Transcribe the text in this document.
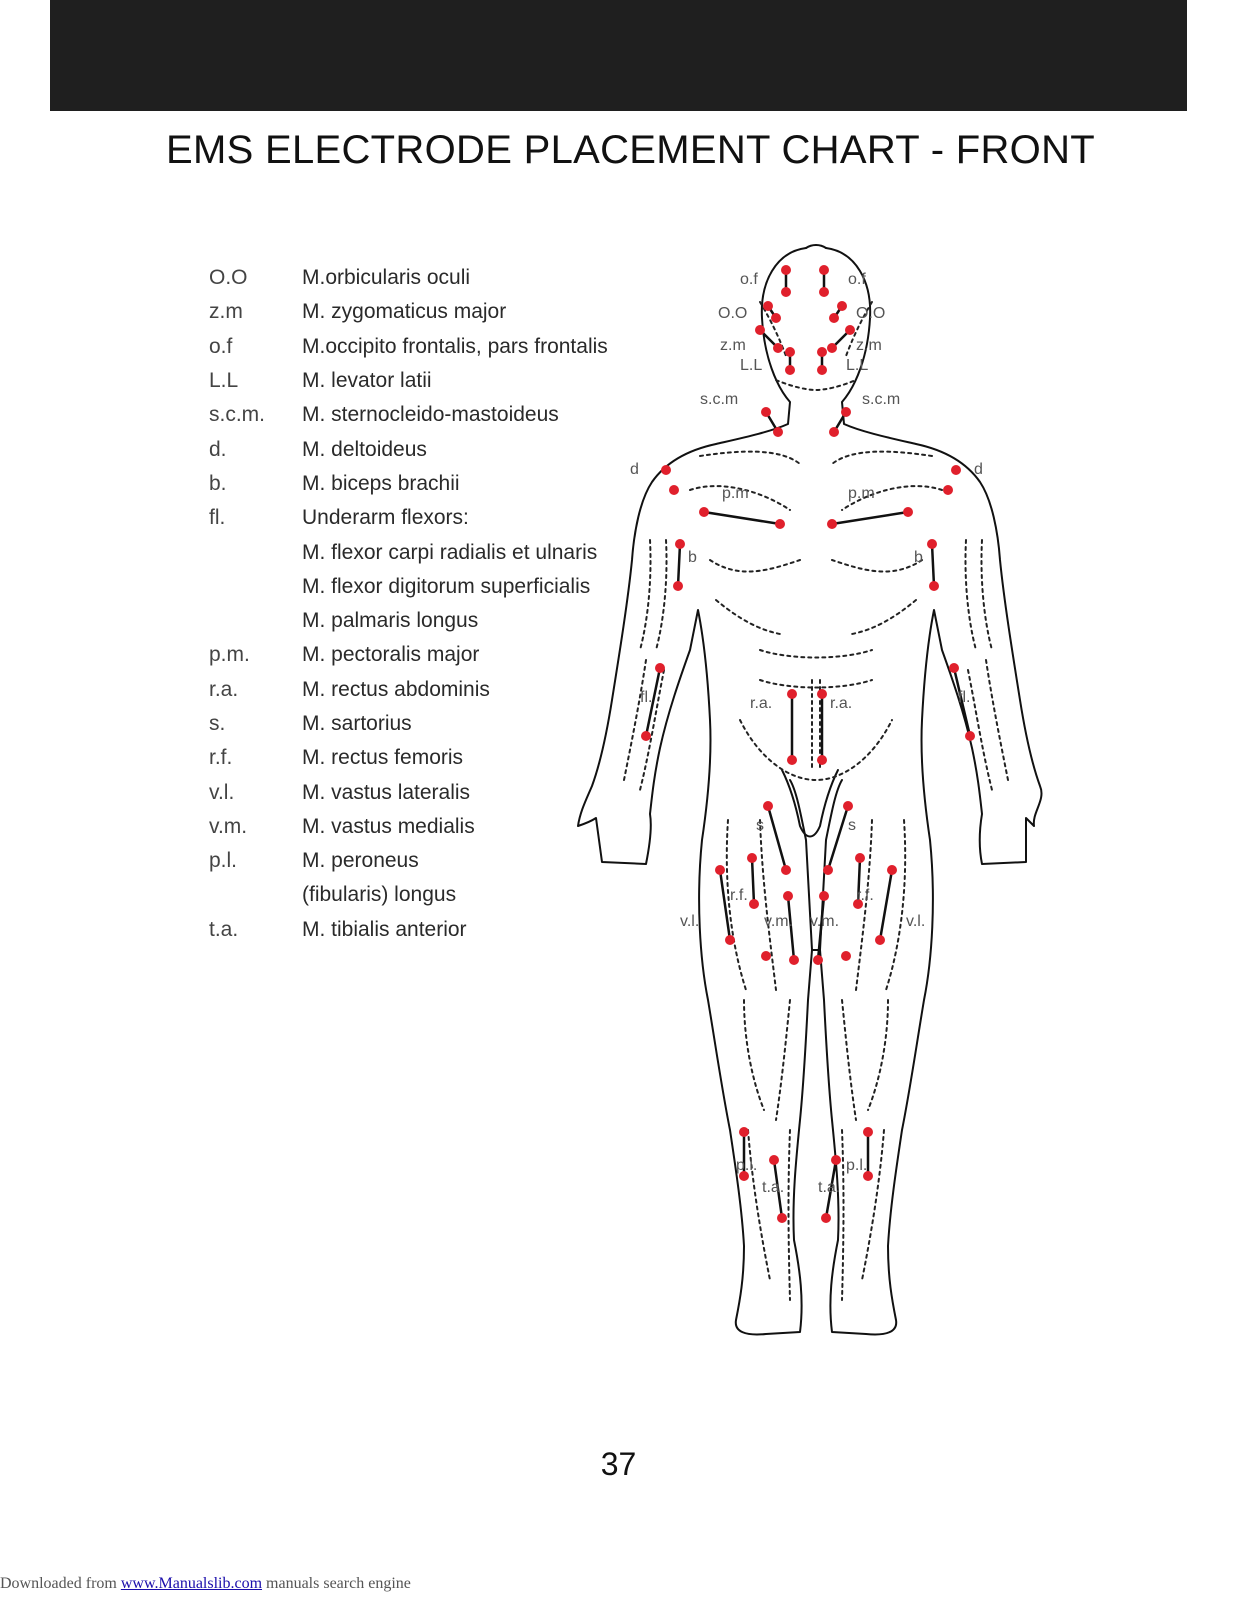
EMS ELECTRODE PLACEMENT CHART - FRONT
O.O	M.orbicularis oculi
z.m	M. zygomaticus major
o.f	M.occipito frontalis, pars frontalis
L.L	M. levator latii
s.c.m.	M. sternocleido-mastoideus
d.	M. deltoideus
b.	M. biceps brachii
fl.	Underarm flexors:
M. flexor carpi radialis et ulnaris
M. flexor digitorum superficialis
M. palmaris longus
p.m.	M. pectoralis major
r.a.	M. rectus abdominis
s.	M. sartorius
r.f.	M. rectus femoris
v.l.	M. vastus lateralis
v.m.	M. vastus medialis
p.l.	M. peroneus
(fibularis) longus
t.a.	M. tibialis anterior
o.f	o.f
O.O	O.O
z.m	z.m
L.L	L.L
s.c.m	s.c.m
d	d
p.m	p.m
b	b
fl.	fl.
r.a.	r.a.
s	s
r.f.	r.f.
v.l.	v.l.
v.m. v.m.
p.l.	p.l.
t.a. t.a.
37
Downloaded from www.Manualslib.com manuals search engine
